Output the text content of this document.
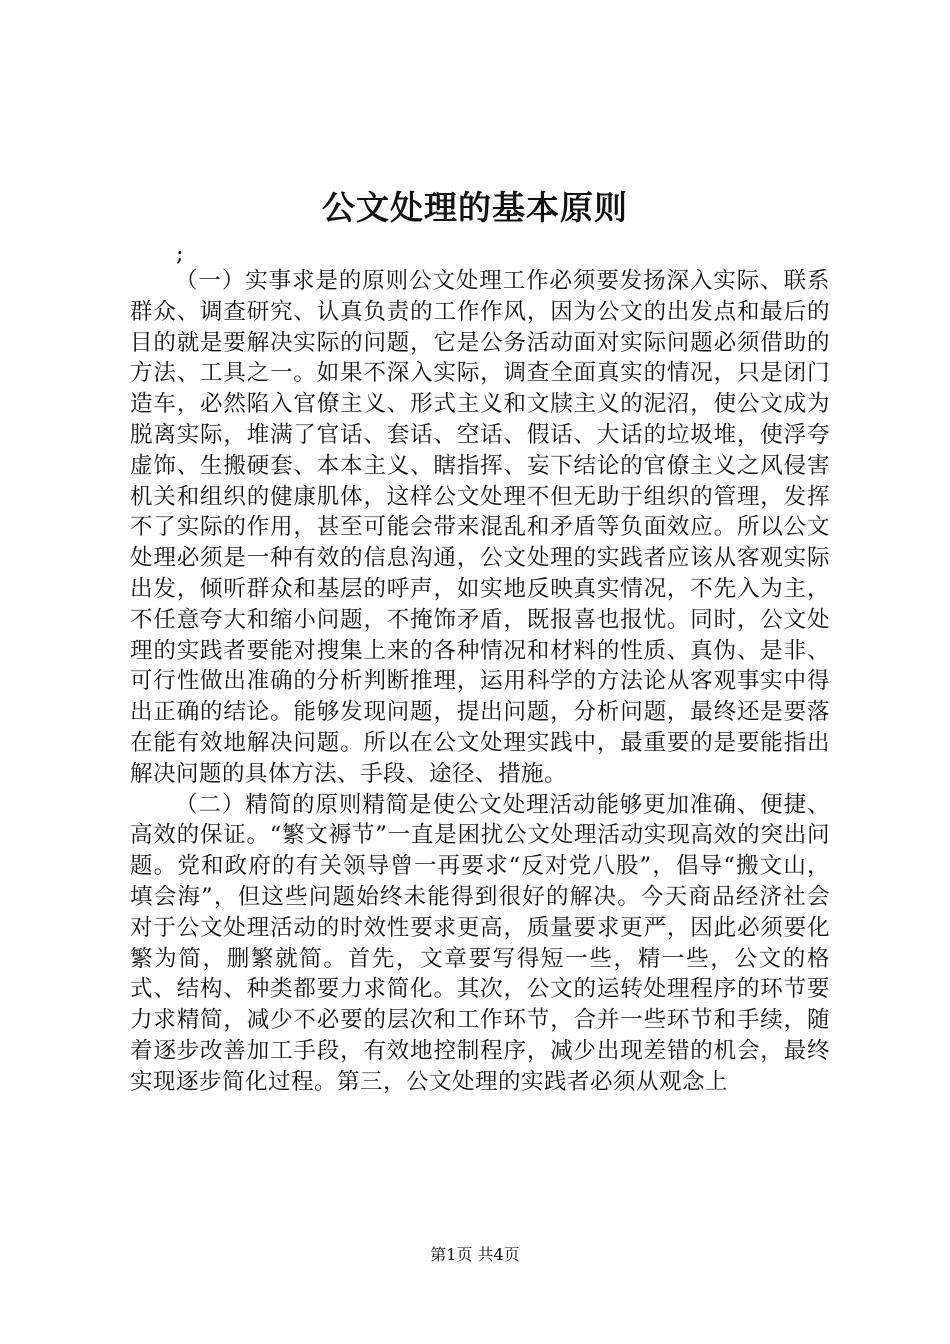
公文处理的基本原则
;

（一）实事求是的原则公文处理工作必须要发扬深入实际、联系群众、调查研究、认真负责的工作作风，因为公文的出发点和最后的目的就是要解决实际的问题，它是公务活动面对实际问题必须借助的方法、工具之一。如果不深入实际，调查全面真实的情况，只是闭门造车，必然陷入官僚主义、形式主义和文牍主义的泥沼，使公文成为脱离实际，堆满了官话、套话、空话、假话、大话的垃圾堆，使浮夸虚饰、生搬硬套、本本主义、瞎指挥、妄下结论的官僚主义之风侵害机关和组织的健康肌体，这样公文处理不但无助于组织的管理，发挥不了实际的作用，甚至可能会带来混乱和矛盾等负面效应。所以公文处理必须是一种有效的信息沟通，公文处理的实践者应该从客观实际出发，倾听群众和基层的呼声，如实地反映真实情况，不先入为主，不任意夸大和缩小问题，不掩饰矛盾，既报喜也报忧。同时，公文处理的实践者要能对搜集上来的各种情况和材料的性质、真伪、是非、可行性做出准确的分析判断推理，运用科学的方法论从客观事实中得出正确的结论。能够发现问题，提出问题，分析问题，最终还是要落在能有效地解决问题。所以在公文处理实践中，最重要的是要能指出解决问题的具体方法、手段、途径、措施。

（二）精简的原则精简是使公文处理活动能够更加准确、便捷、高效的保证。“繁文褥节”一直是困扰公文处理活动实现高效的突出问题。党和政府的有关领导曾一再要求“反对党八股”，倡导“搬文山，填会海”，但这些问题始终未能得到很好的解决。今天商品经济社会对于公文处理活动的时效性要求更高，质量要求更严，因此必须要化繁为简，删繁就简。首先，文章要写得短一些，精一些，公文的格式、结构、种类都要力求简化。其次，公文的运转处理程序的环节要力求精简，减少不必要的层次和工作环节，合并一些环节和手续，随着逐步改善加工手段，有效地控制程序，减少出现差错的机会，最终实现逐步简化过程。第三，公文处理的实践者必须从观念上

第1页 共4页
